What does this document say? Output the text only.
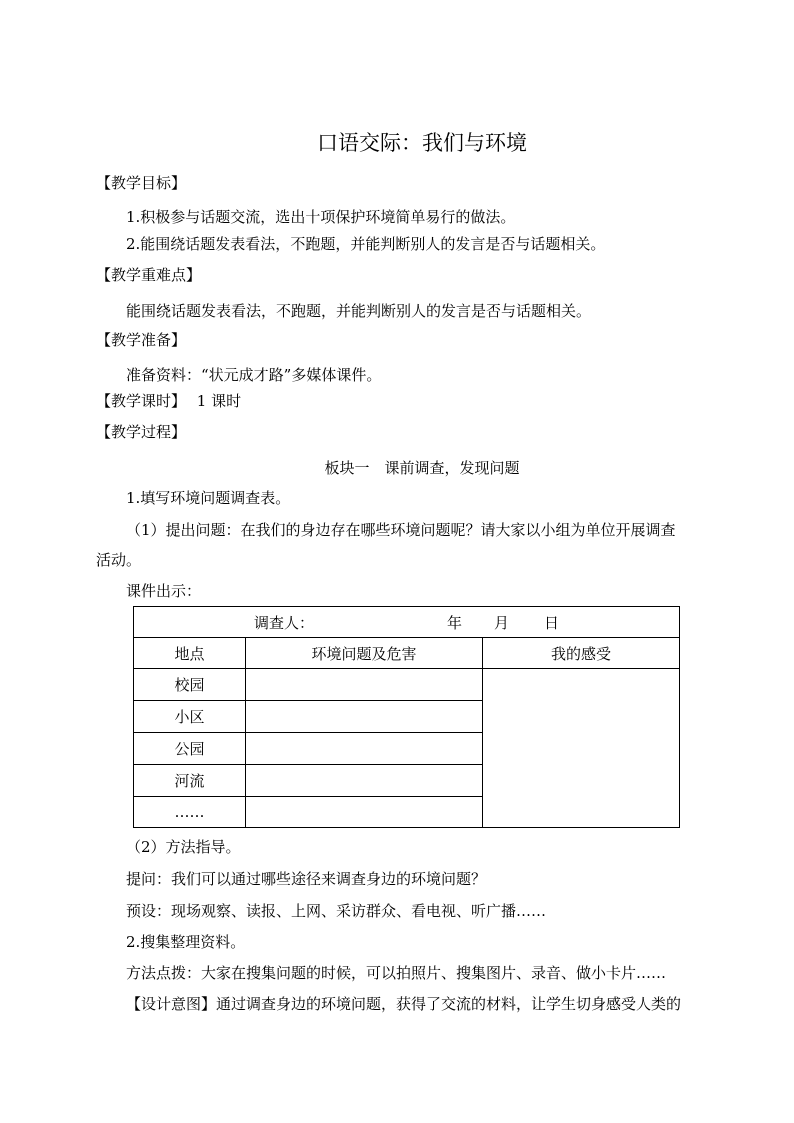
口语交际：我们与环境
【教学目标】
1.积极参与话题交流，选出十项保护环境简单易行的做法。
2.能围绕话题发表看法，不跑题，并能判断别人的发言是否与话题相关。
【教学重难点】
能围绕话题发表看法，不跑题，并能判断别人的发言是否与话题相关。
【教学准备】
准备资料：“状元成才路”多媒体课件。
【教学课时】 1 课时
【教学过程】
板块一　课前调查，发现问题
1.填写环境问题调查表。
（1）提出问题：在我们的身边存在哪些环境问题呢？请大家以小组为单位开展调查
活动。
课件出示：
调查人： 年 月 日		

地点	环境问题及危害	我的感受
校园		
小区		
公园		
河流		
……		
（2）方法指导。
提问：我们可以通过哪些途径来调查身边的环境问题？
预设：现场观察、读报、上网、采访群众、看电视、听广播……
2.搜集整理资料。
方法点拨：大家在搜集问题的时候，可以拍照片、搜集图片、录音、做小卡片……
【设计意图】通过调查身边的环境问题，获得了交流的材料，让学生切身感受人类的
